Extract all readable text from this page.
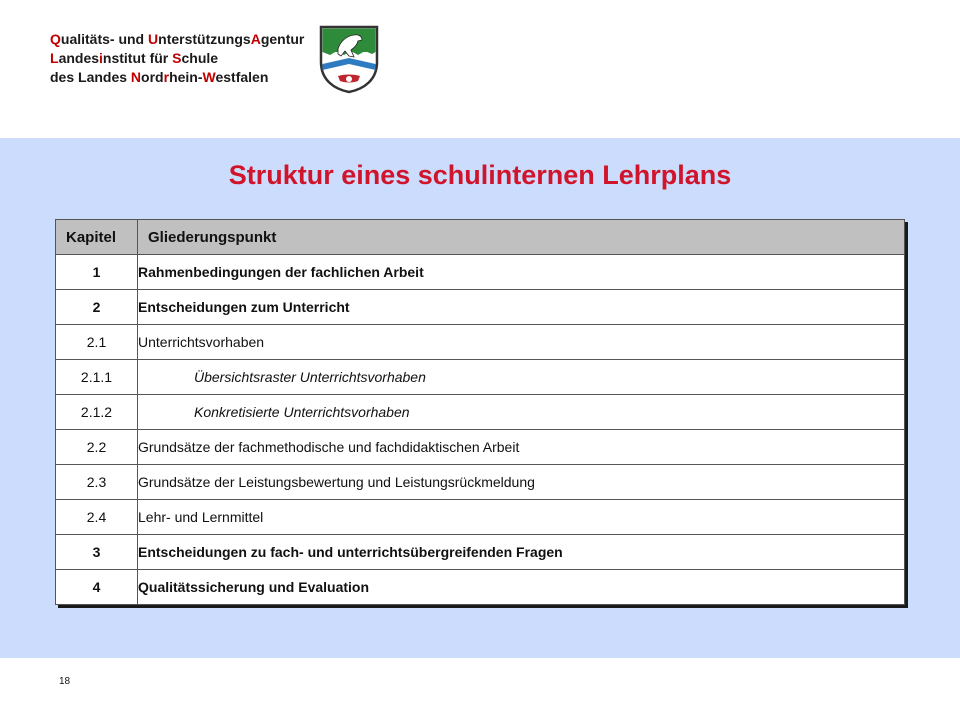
Qualitäts- und UnterstützungsAgentur
Landesinstitut für Schule
des Landes Nordrhein-Westfalen
Struktur eines schulinternen Lehrplans
Kapitel	Gliederungspunkt
1	Rahmenbedingungen der fachlichen Arbeit
2	Entscheidungen zum Unterricht
2.1	Unterrichtsvorhaben
2.1.1	Übersichtsraster Unterrichtsvorhaben
2.1.2	Konkretisierte Unterrichtsvorhaben
2.2	Grundsätze der fachmethodische und fachdidaktischen Arbeit
2.3	Grundsätze der Leistungsbewertung und Leistungsrückmeldung
2.4	Lehr- und Lernmittel
3	Entscheidungen zu fach- und unterrichtsübergreifenden Fragen
4	Qualitätssicherung und Evaluation
18
